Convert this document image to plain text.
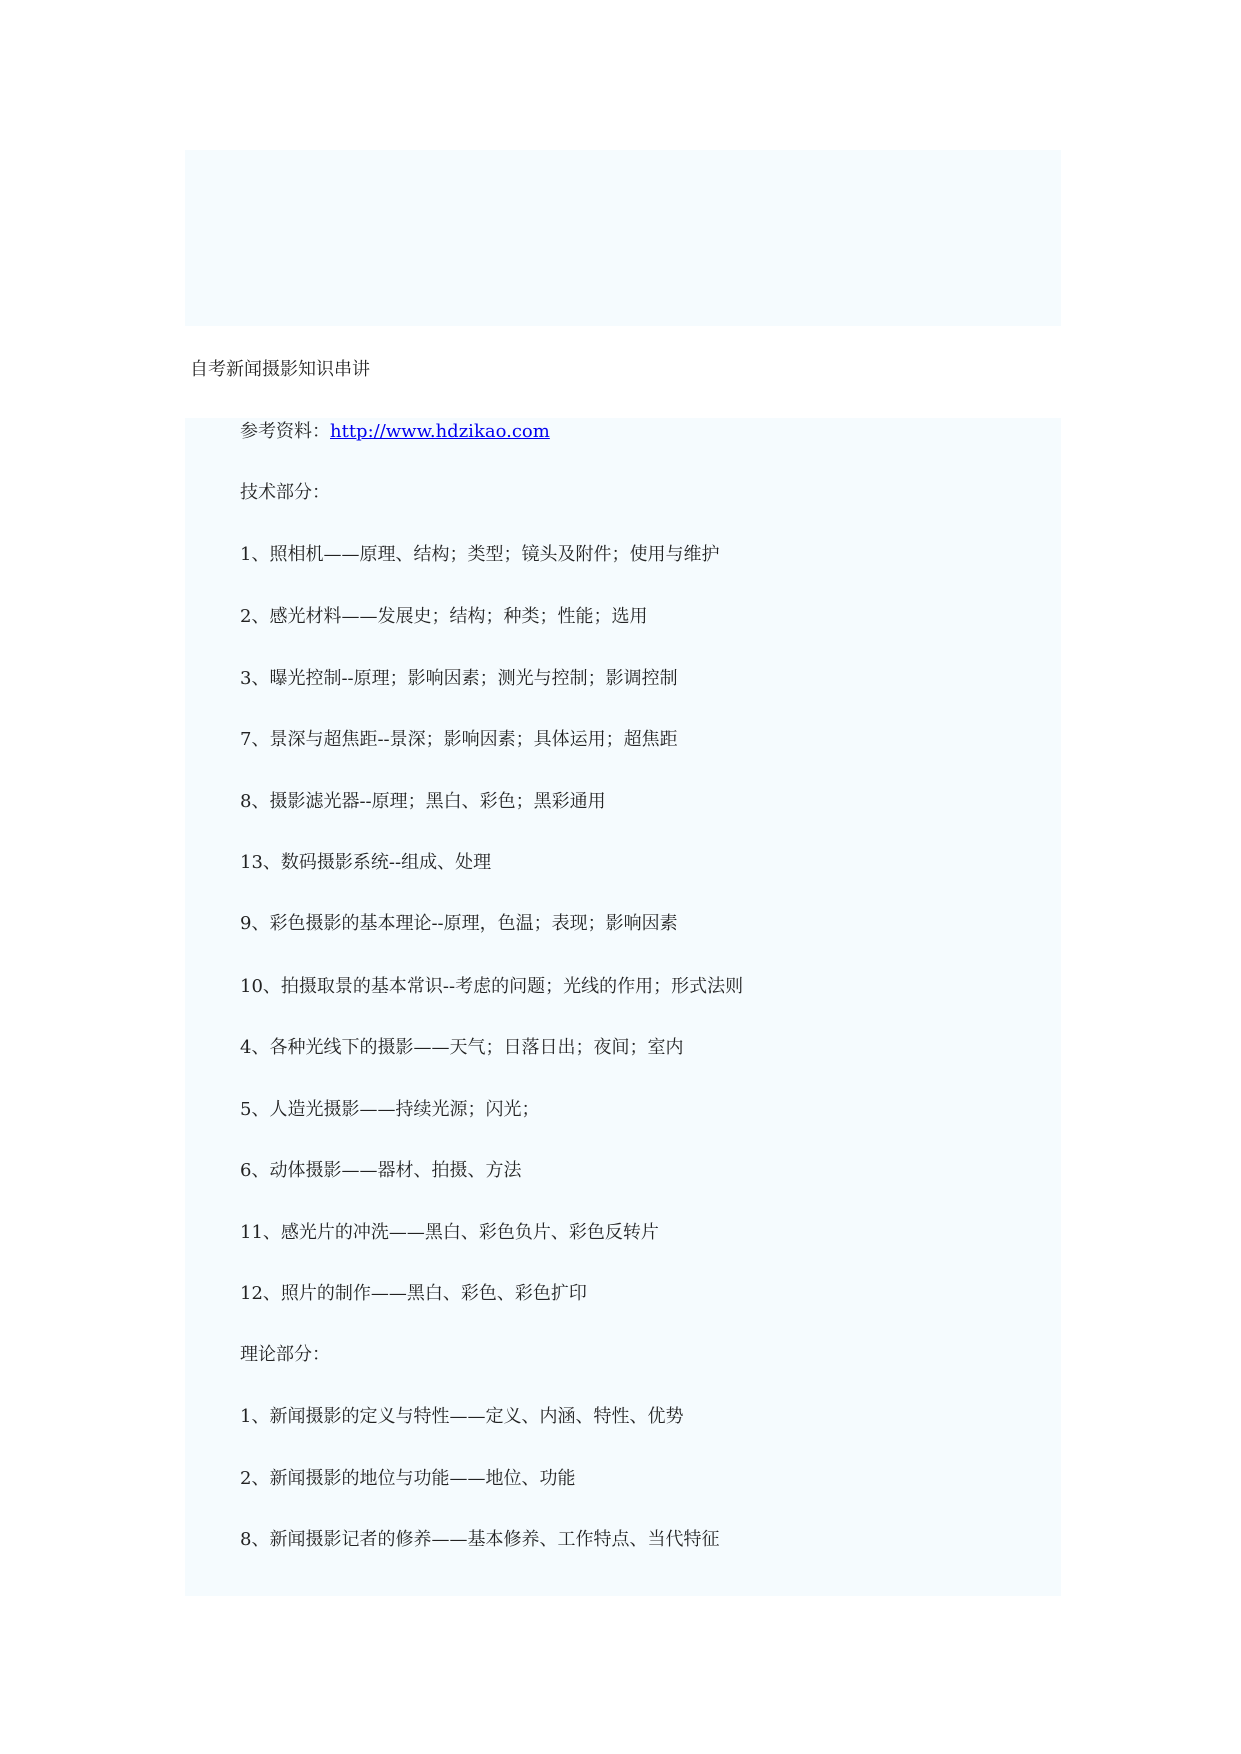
自考新闻摄影知识串讲
参考资料：http://www.hdzikao.com

技术部分：

1、照相机——原理、结构；类型；镜头及附件；使用与维护

2、感光材料——发展史；结构；种类；性能；选用

3、曝光控制--原理；影响因素；测光与控制；影调控制

7、景深与超焦距--景深；影响因素；具体运用；超焦距

8、摄影滤光器--原理；黑白、彩色；黑彩通用

13、数码摄影系统--组成、处理

9、彩色摄影的基本理论--原理，色温；表现；影响因素

10、拍摄取景的基本常识--考虑的问题；光线的作用；形式法则

4、各种光线下的摄影——天气；日落日出；夜间；室内

5、人造光摄影——持续光源；闪光；

6、动体摄影——器材、拍摄、方法

11、感光片的冲洗——黑白、彩色负片、彩色反转片

12、照片的制作——黑白、彩色、彩色扩印

理论部分：

1、新闻摄影的定义与特性——定义、内涵、特性、优势

2、新闻摄影的地位与功能——地位、功能

8、新闻摄影记者的修养——基本修养、工作特点、当代特征
